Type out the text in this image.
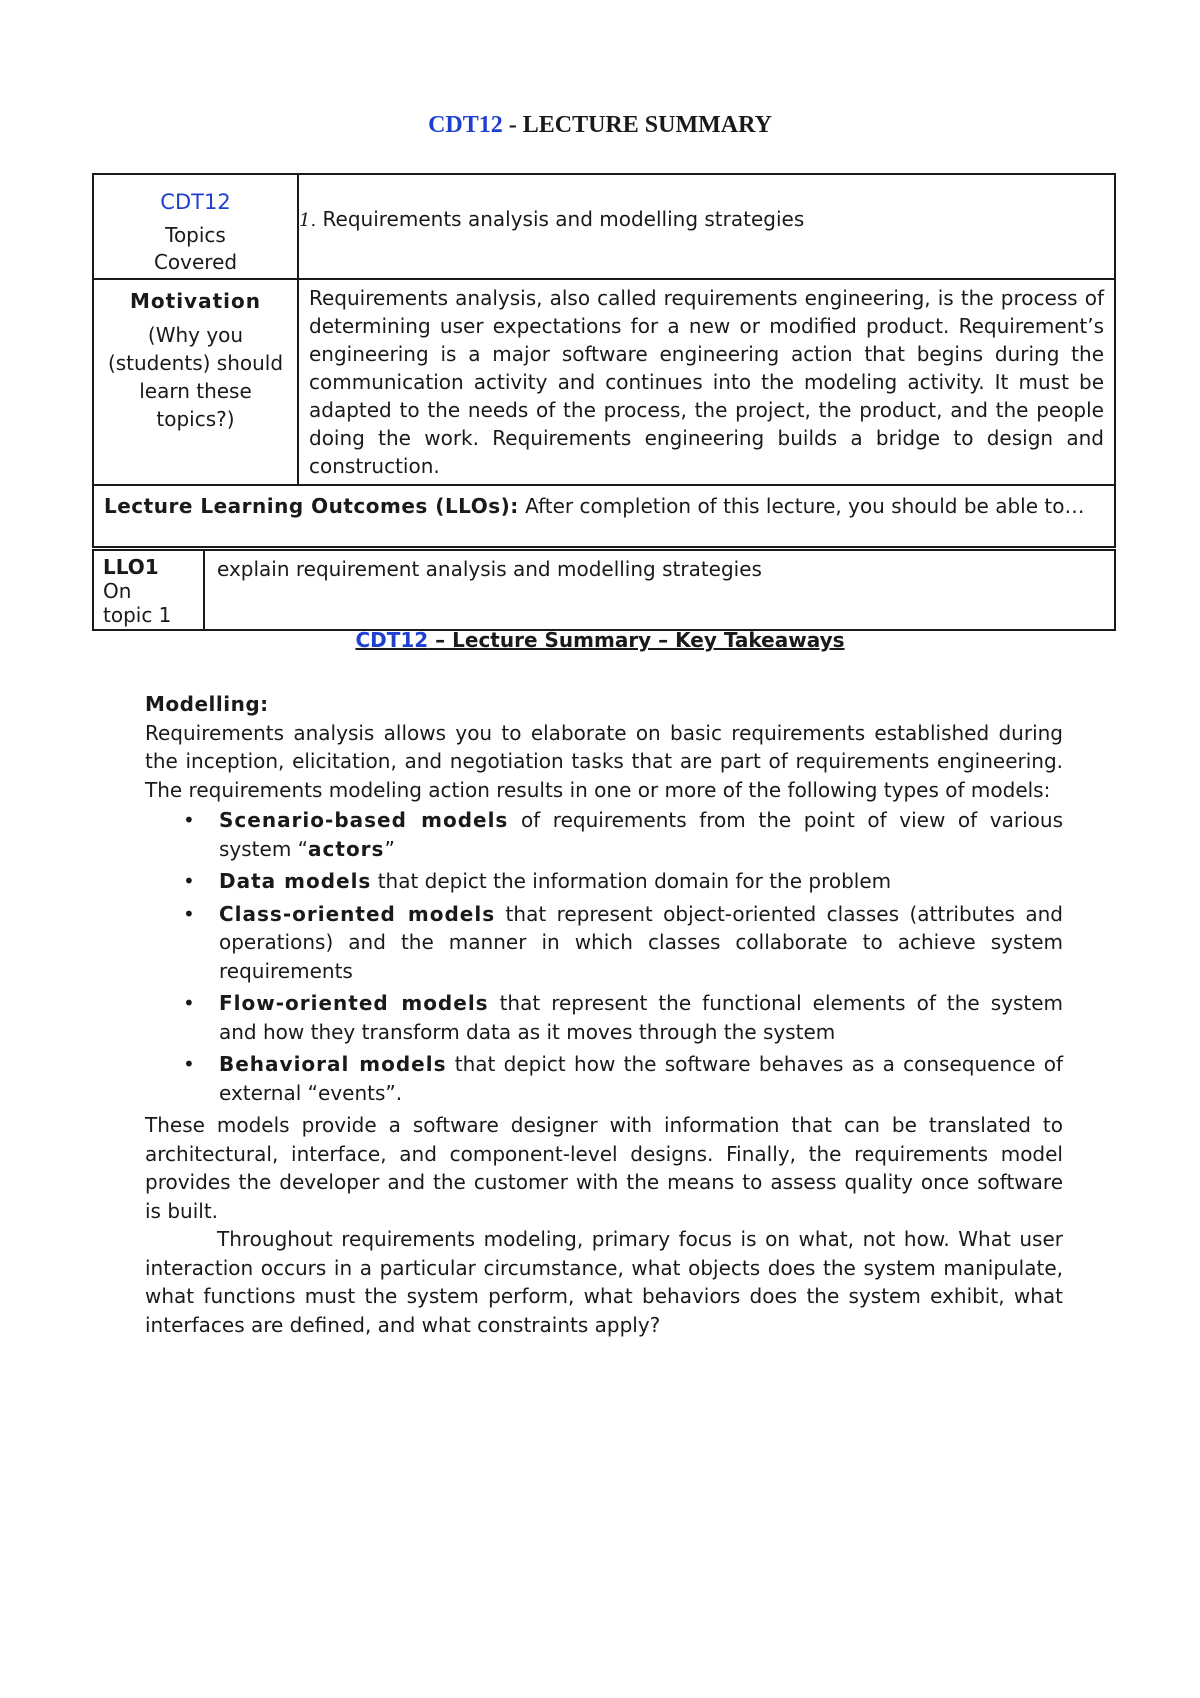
CDT12 - LECTURE SUMMARY
CDT12
Topics
Covered	1. Requirements analysis and modelling strategies

Motivation
(Why you (students) should learn these topics?)	Requirements analysis, also called requirements engineering, is the process of determining user expectations for a new or modified product. Requirement’s engineering is a major software engineering action that begins during the communication activity and continues into the modeling activity. It must be adapted to the needs of the process, the project, the product, and the people doing the work. Requirements engineering builds a bridge to design and construction.
Lecture Learning Outcomes (LLOs): After completion of this lecture, you should be able to…	
LLO1
On
topic 1
	explain requirement analysis and modelling strategies
CDT12 – Lecture Summary – Key Takeaways

Modelling:

Requirements analysis allows you to elaborate on basic requirements established during the inception, elicitation, and negotiation tasks that are part of requirements engineering. The requirements modeling action results in one or more of the following types of models:

• Scenario-based models of requirements from the point of view of various system “actors”
• Data models that depict the information domain for the problem
• Class-oriented models that represent object-oriented classes (attributes and operations) and the manner in which classes collaborate to achieve system requirements
• Flow-oriented models that represent the functional elements of the system and how they transform data as it moves through the system
• Behavioral models that depict how the software behaves as a consequence of external “events”.

These models provide a software designer with information that can be translated to architectural, interface, and component-level designs. Finally, the requirements model provides the developer and the customer with the means to assess quality once software is built.

Throughout requirements modeling, primary focus is on what, not how. What user interaction occurs in a particular circumstance, what objects does the system manipulate, what functions must the system perform, what behaviors does the system exhibit, what interfaces are defined, and what constraints apply?
